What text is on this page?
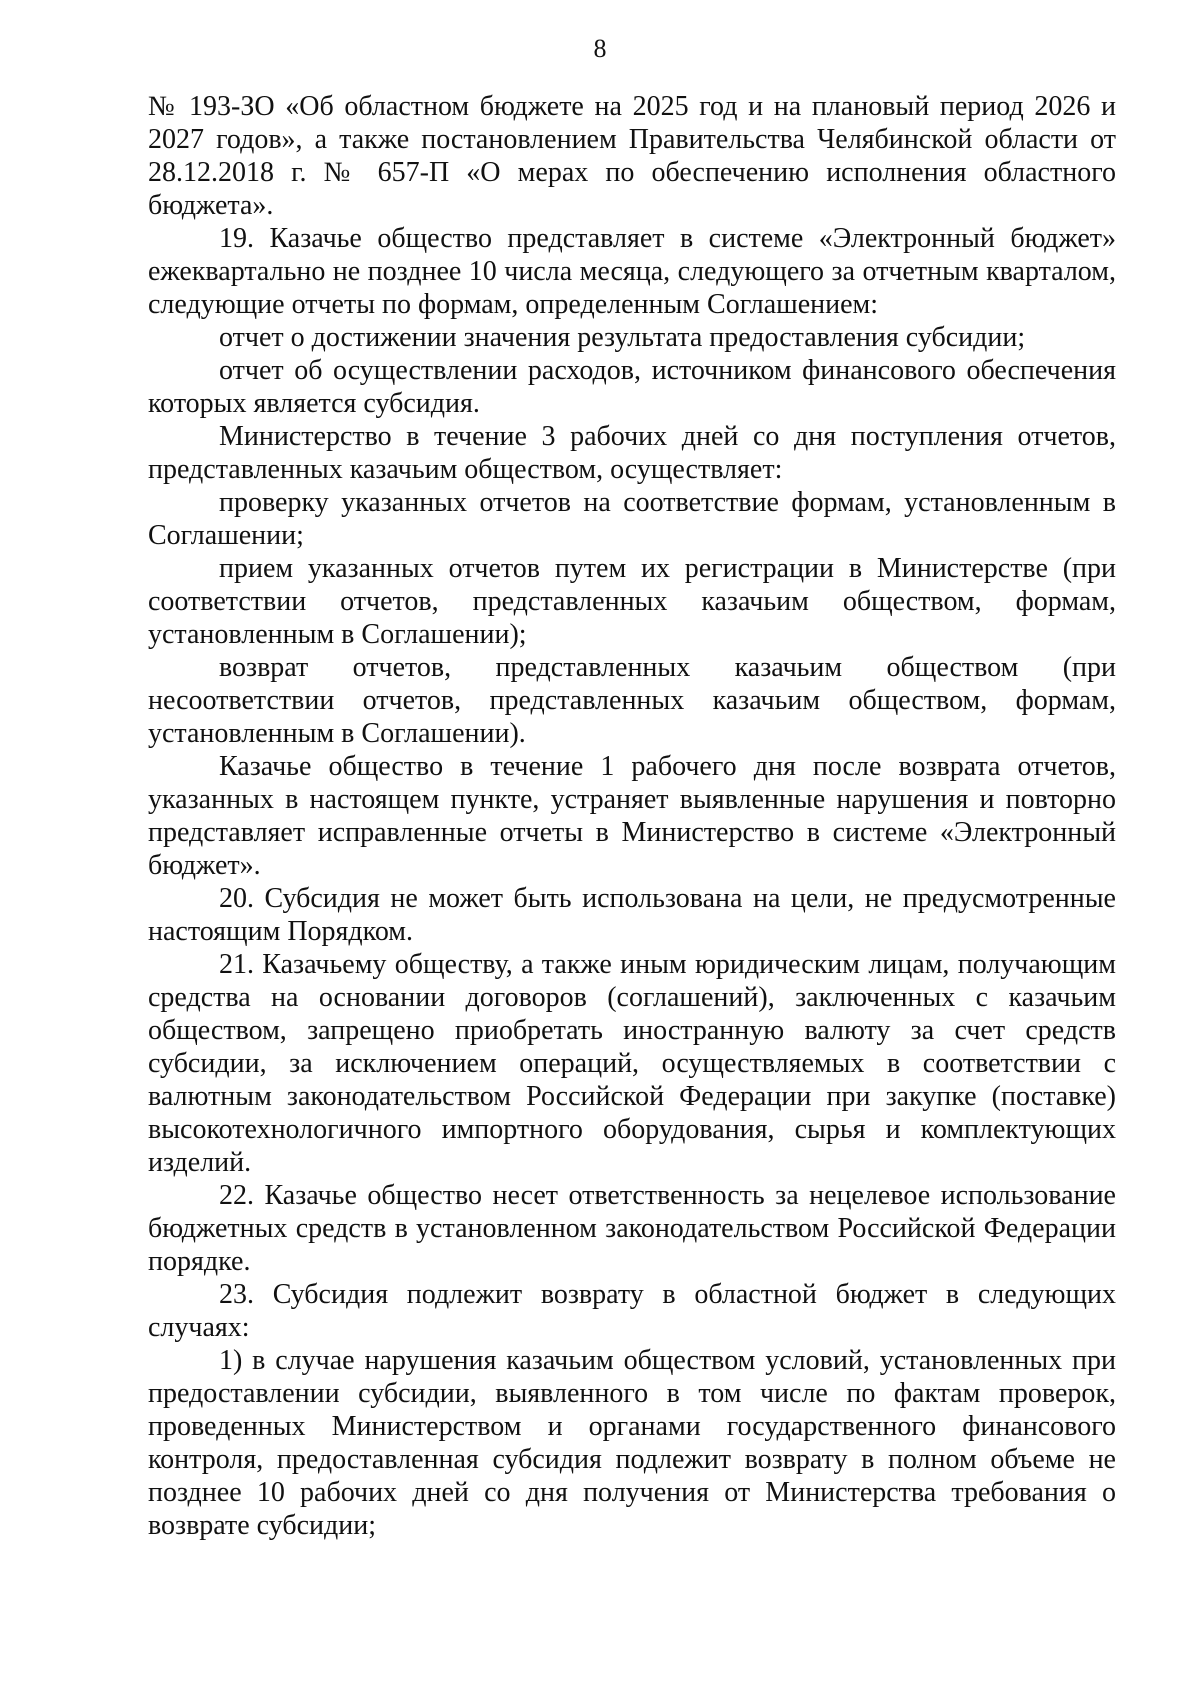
8

№ 193-ЗО «Об областном бюджете на 2025 год и на плановый период 2026 и 2027 годов», а также постановлением Правительства Челябинской области от 28.12.2018 г. № 657-П «О мерах по обеспечению исполнения областного бюджета».

19. Казачье общество представляет в системе «Электронный бюджет» ежеквартально не позднее 10 числа месяца, следующего за отчетным кварталом, следующие отчеты по формам, определенным Соглашением:

отчет о достижении значения результата предоставления субсидии;

отчет об осуществлении расходов, источником финансового обеспечения которых является субсидия.

Министерство в течение 3 рабочих дней со дня поступления отчетов, представленных казачьим обществом, осуществляет:

проверку указанных отчетов на соответствие формам, установленным в Соглашении;

прием указанных отчетов путем их регистрации в Министерстве (при соответствии отчетов, представленных казачьим обществом, формам, установленным в Соглашении);

возврат отчетов, представленных казачьим обществом (при несоответствии отчетов, представленных казачьим обществом, формам, установленным в Соглашении).

Казачье общество в течение 1 рабочего дня после возврата отчетов, указанных в настоящем пункте, устраняет выявленные нарушения и повторно представляет исправленные отчеты в Министерство в системе «Электронный бюджет».

20. Субсидия не может быть использована на цели, не предусмотренные настоящим Порядком.

21. Казачьему обществу, а также иным юридическим лицам, получающим средства на основании договоров (соглашений), заключенных с казачьим обществом, запрещено приобретать иностранную валюту за счет средств субсидии, за исключением операций, осуществляемых в соответствии с валютным законодательством Российской Федерации при закупке (поставке) высокотехнологичного импортного оборудования, сырья и комплектующих изделий.

22. Казачье общество несет ответственность за нецелевое использование бюджетных средств в установленном законодательством Российской Федерации порядке.

23. Субсидия подлежит возврату в областной бюджет в следующих случаях:

1) в случае нарушения казачьим обществом условий, установленных при предоставлении субсидии, выявленного в том числе по фактам проверок, проведенных Министерством и органами государственного финансового контроля, предоставленная субсидия подлежит возврату в полном объеме не позднее 10 рабочих дней со дня получения от Министерства требования о возврате субсидии;
